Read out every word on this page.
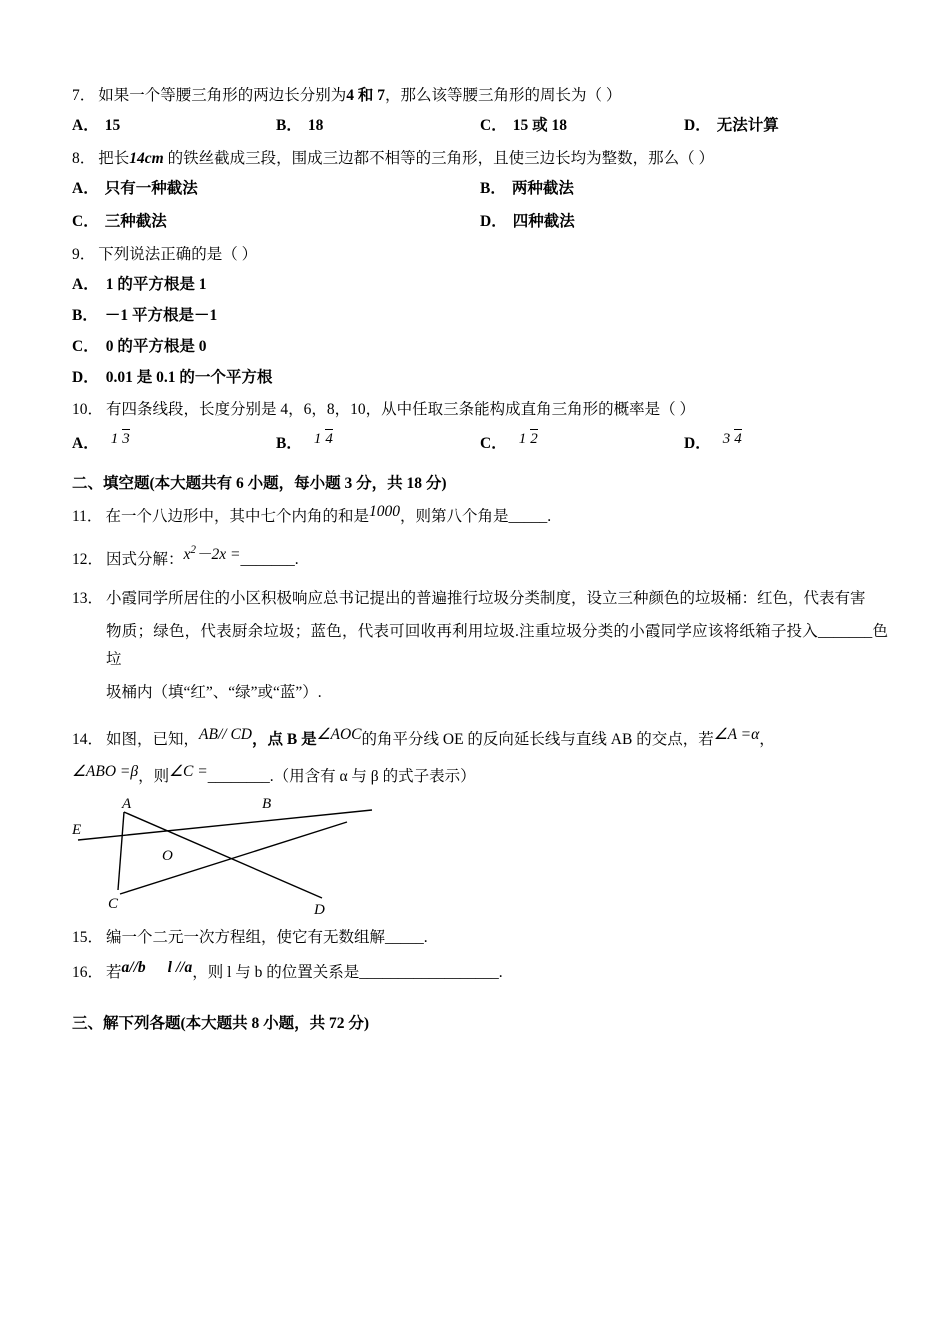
7． 如果一个等腰三角形的两边长分别为4 和 7，那么该等腰三角形的周长为（ ）
A． 15	B． 18	C． 15 或 18	D． 无法计算
8． 把长14cm 的铁丝截成三段，围成三边都不相等的三角形，且使三边长均为整数，那么（ ）
A． 只有一种截法	B． 两种截法
C． 三种截法	D． 四种截法
9． 下列说法正确的是（ ）
A． 1 的平方根是 1
B． －1 平方根是－1
C． 0 的平方根是 0
D． 0.01 是 0.1 的一个平方根
10． 有四条线段，长度分别是 4，6，8，10，从中任取三条能构成直角三角形的概率是（ ）
A． 1 3	B． 1 4	C． 1 2	D． 3 4
二、填空题(本大题共有 6 小题，每小题 3 分，共 18 分)
11． 在一个八边形中，其中七个内角的和是1000，则第八个角是_____.
12． 因式分解：$x^2-2x$ =_______.
13． 小霞同学所居住的小区积极响应总书记提出的普遍推行垃圾分类制度，设立三种颜色的垃圾桶：红色，代表有害
物质；绿色，代表厨余垃圾；蓝色，代表可回收再利用垃圾.注重垃圾分类的小霞同学应该将纸箱子投入_______色垃
圾桶内（填“红”、“绿”或“蓝”）.
14． 如图，已知，AB// CD，点 B 是∠AOC的角平分线 OE 的反向延长线与直线 AB 的交点，若∠A =α，
∠ABO =β，则∠C =________.（用含有 α 与 β 的式子表示）
A	B
E
O
C	D
15． 编一个二元一次方程组，使它有无数组解_____.
16． 若a//b l //a，则 l 与 b 的位置关系是__________________.
三、解下列各题(本大题共 8 小题，共 72 分)
